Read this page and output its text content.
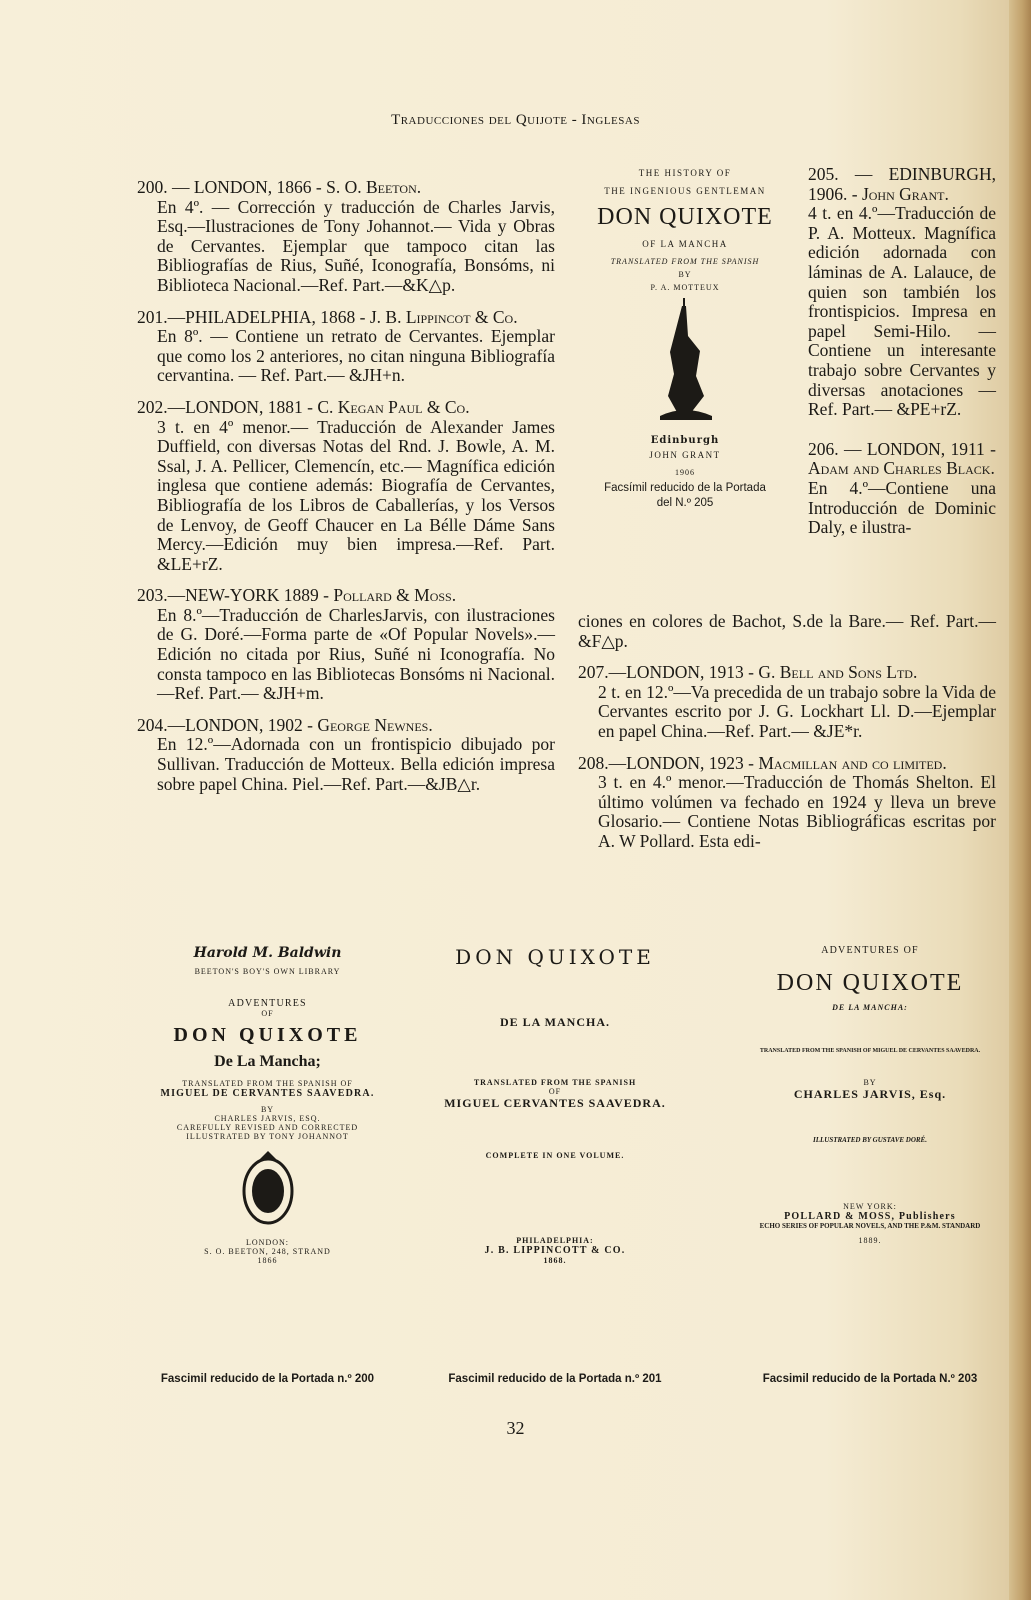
Traducciones del Quijote - Inglesas
200. — LONDON, 1866 - S. O. Beeton.
En 4º. — Corrección y traducción de Charles Jarvis, Esq.—Ilustraciones de Tony Johannot.— Vida y Obras de Cervantes. Ejemplar que tampoco citan las Bibliografías de Rius, Suñé, Iconografía, Bonsóms, ni Biblioteca Nacional.—Ref. Part.—&K△p.
201.—PHILADELPHIA, 1868 - J. B. Lippincot & Co.
En 8º. — Contiene un retrato de Cervantes. Ejemplar que como los 2 anteriores, no citan ninguna Bibliografía cervantina. — Ref. Part.— &JH+n.
202.—LONDON, 1881 - C. Kegan Paul & Co.
3 t. en 4º menor.— Traducción de Alexander James Duffield, con diversas Notas del Rnd. J. Bowle, A. M. Ssal, J. A. Pellicer, Clemencín, etc.— Magnífica edición inglesa que contiene además: Biografía de Cervantes, Bibliografía de los Libros de Caballerías, y los Versos de Lenvoy, de Geoff Chaucer en La Bélle Dáme Sans Mercy.—Edición muy bien impresa.—Ref. Part. &LE+rZ.
203.—NEW-YORK 1889 - Pollard & Moss.
En 8.º—Traducción de CharlesJarvis, con ilustraciones de G. Doré.—Forma parte de «Of Popular Novels».—Edición no citada por Rius, Suñé ni Iconografía. No consta tampoco en las Bibliotecas Bonsóms ni Nacional.—Ref. Part.— &JH+m.
204.—LONDON, 1902 - George Newnes.
En 12.º—Adornada con un frontispicio dibujado por Sullivan. Traducción de Motteux. Bella edición impresa sobre papel China. Piel.—Ref. Part.—&JB△r.
THE HISTORY OF
THE INGENIOUS GENTLEMAN
DON QUIXOTE
OF LA MANCHA
TRANSLATED FROM THE SPANISH
BY
P. A. MOTTEUX
Edinburgh
JOHN GRANT
1906
Facsímil reducido de la Portada
del N.º 205
205. — EDINBURGH, 1906. - John Grant.
4 t. en 4.º—Traducción de P. A. Motteux. Magnífica edición adornada con láminas de A. Lalauce, de quien son también los frontispicios. Impresa en papel Semi-Hilo. — Contiene un interesante trabajo sobre Cervantes y diversas anotaciones —Ref. Part.— &PE+rZ.
206. — LONDON, 1911 - Adam and Charles Black.
En 4.º—Contiene una Introducción de Dominic Daly, e ilustra-
ciones en colores de Bachot, S.de la Bare.— Ref. Part.—&F△p.
207.—LONDON, 1913 - G. Bell and Sons Ltd.
2 t. en 12.º—Va precedida de un trabajo sobre la Vida de Cervantes escrito por J. G. Lockhart Ll. D.—Ejemplar en papel China.—Ref. Part.— &JE*r.
208.—LONDON, 1923 - Macmillan and co limited.
3 t. en 4.º menor.—Traducción de Thomás Shelton. El último volúmen va fechado en 1924 y lleva un breve Glosario.— Contiene Notas Bibliográficas escritas por A. W Pollard. Esta edi-

Harold M. Baldwin

BEETON'S BOY'S OWN LIBRARY

ADVENTURES

OF

DON QUIXOTE

De La Mancha;

TRANSLATED FROM THE SPANISH OF

MIGUEL DE CERVANTES SAAVEDRA.

BY

CHARLES JARVIS, ESQ.

CAREFULLY REVISED AND CORRECTED

ILLUSTRATED BY TONY JOHANNOT

LONDON:

S. O. BEETON, 248, STRAND

1866

Fascimil reducido de la Portada n.º 200

DON QUIXOTE

DE LA MANCHA.

TRANSLATED FROM THE SPANISH

OF

MIGUEL CERVANTES SAAVEDRA.

COMPLETE IN ONE VOLUME.

PHILADELPHIA:

J. B. LIPPINCOTT & CO.

1868.

Fascimil reducido de la Portada n.º 201

ADVENTURES OF

DON QUIXOTE

DE LA MANCHA:

TRANSLATED FROM THE SPANISH OF MIGUEL DE CERVANTES SAAVEDRA.

BY

CHARLES JARVIS, Esq.

ILLUSTRATED BY GUSTAVE DORÉ.

NEW YORK:

POLLARD & MOSS, Publishers

ECHO SERIES OF POPULAR NOVELS, AND THE P.&M. STANDARD

1889.

Facsimil reducido de la Portada N.º 203
32
